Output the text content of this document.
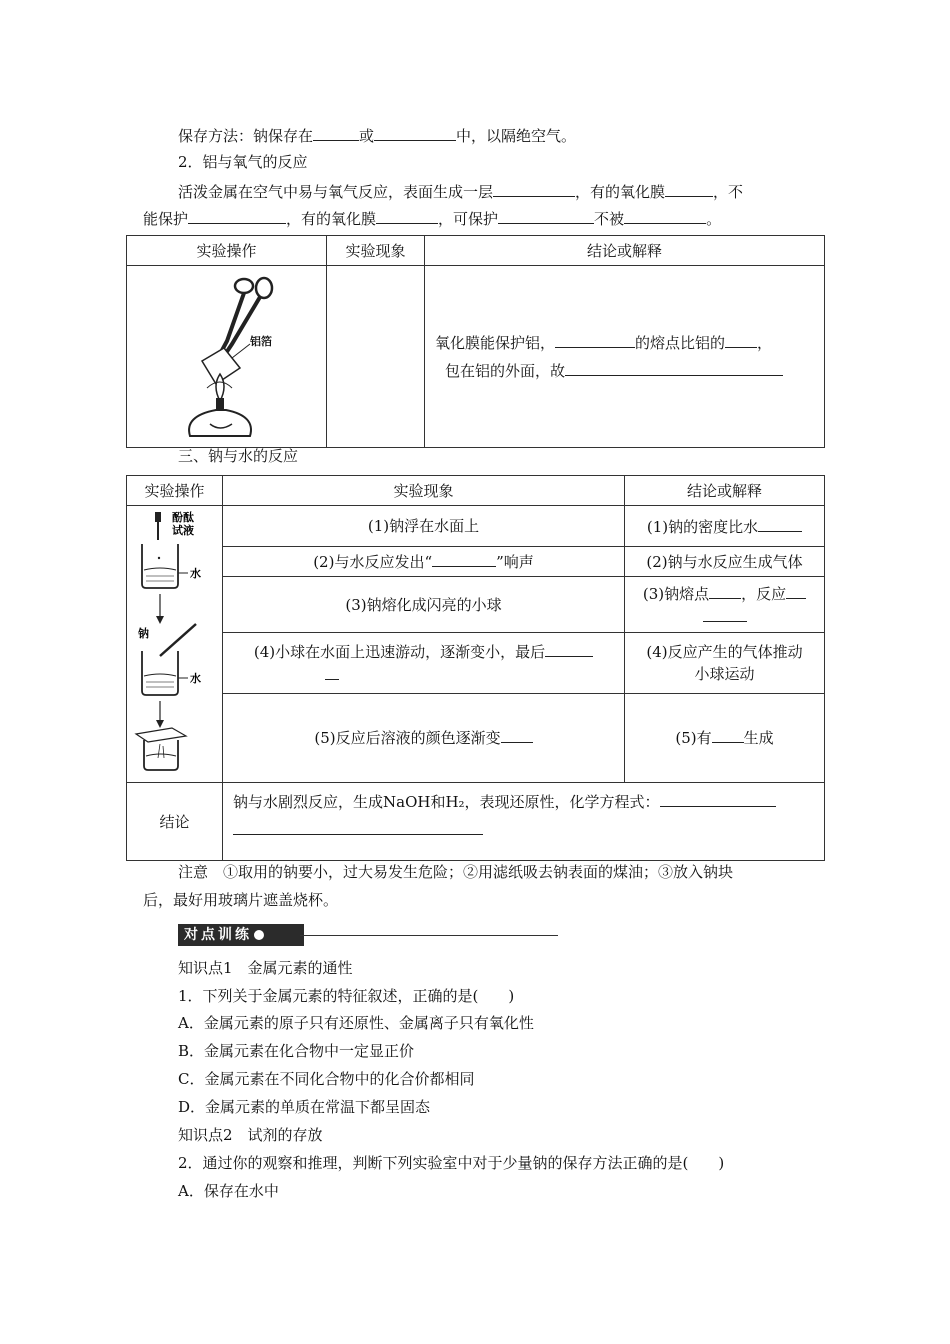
保存方法：钠保存在	或	中，以隔绝空气。
2．铝与氧气的反应
活泼金属在空气中易与氧气反应，表面生成一层	，有的氧化膜	，不
能保护	，有的氧化膜	，可保护	不被	。
实验操作	实验现象	结论或解释

铝箔		氧化膜能保护铝， 的熔点比铝的 ，
包在铝的外面，故
三、钠与水的反应
实验操作	实验现象	结论或解释

酚酞
试液
水
钠
水	(1)钠浮在水面上	(1)钠的密度比水
	(2)与水反应发出“ ”响声	(2)钠与水反应生成气体
	(3)钠熔化成闪亮的小球	(3)钠熔点 ，反应

	(4)小球在水面上迅速游动，逐渐变小，最后	(4)反应产生的气体推动
小球运动

	(5)反应后溶液的颜色逐渐变	(5)有 生成
结论	钠与水剧烈反应，生成NaOH和H₂，表现还原性，化学方程式：	
注意　①取用的钠要小，过大易发生危险；②用滤纸吸去钠表面的煤油；③放入钠块
后，最好用玻璃片遮盖烧杯。
对点训练
知识点1　金属元素的通性
1．下列关于金属元素的特征叙述，正确的是(　　)
A．金属元素的原子只有还原性、金属离子只有氧化性
B．金属元素在化合物中一定显正价
C．金属元素在不同化合物中的化合价都相同
D．金属元素的单质在常温下都呈固态
知识点2　试剂的存放
2．通过你的观察和推理，判断下列实验室中对于少量钠的保存方法正确的是(　　)
A．保存在水中
